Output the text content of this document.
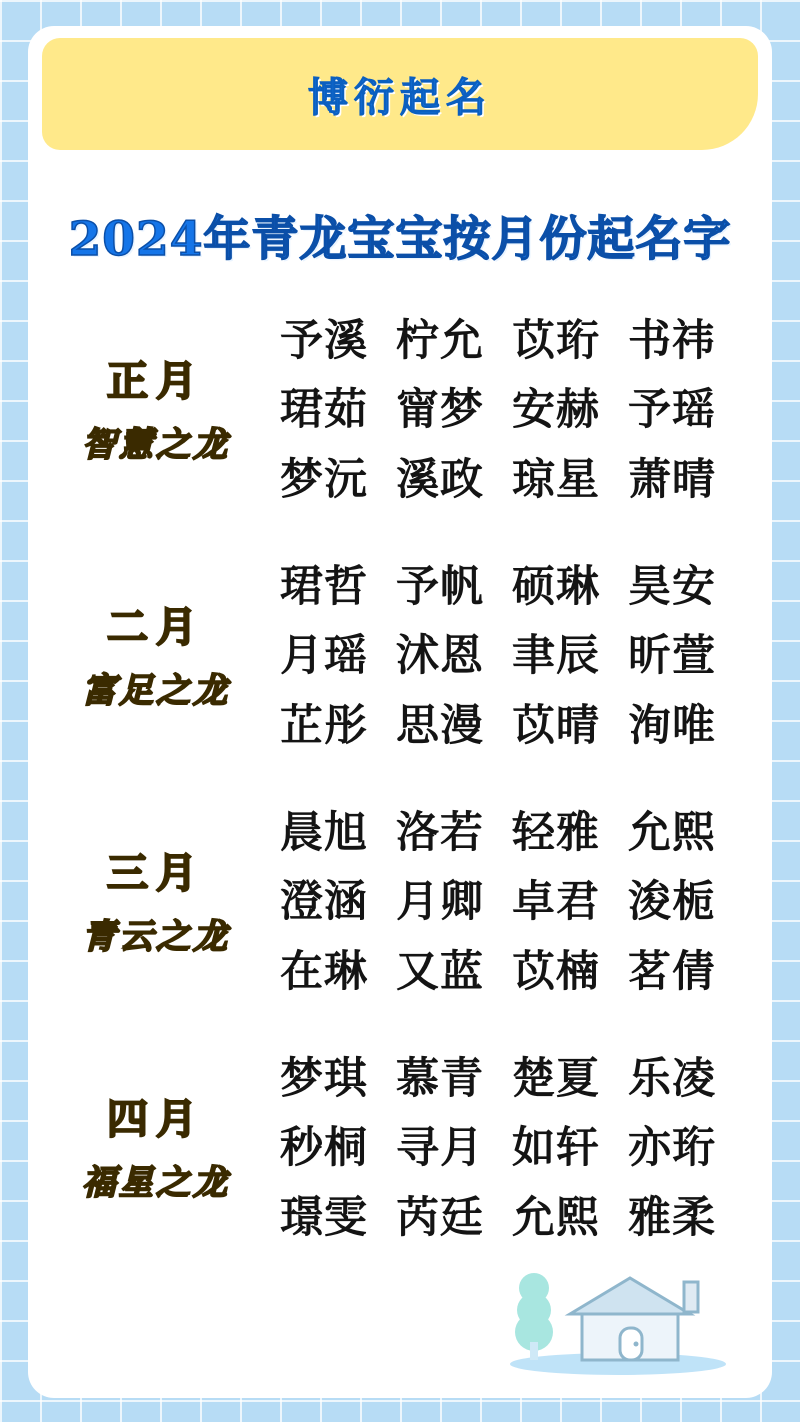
博衍起名
2024年青龙宝宝按月份起名字
正月
智慧之龙
予溪 柠允 苡珩 书祎
珺茹 甯梦 安赫 予瑶
梦沅 溪政 琼星 萧晴
二月
富足之龙
珺哲 予帆 硕琳 昊安
月瑶 沭恩 聿辰 昕萱
芷彤 思漫 苡晴 洵唯
三月
青云之龙
晨旭 洛若 轻雅 允熙
澄涵 月卿 卓君 浚栀
在琳 又蓝 苡楠 茗倩
四月
福星之龙
梦琪 慕青 楚夏 乐凌
秒桐 寻月 如轩 亦珩
璟雯 芮廷 允熙 雅柔
